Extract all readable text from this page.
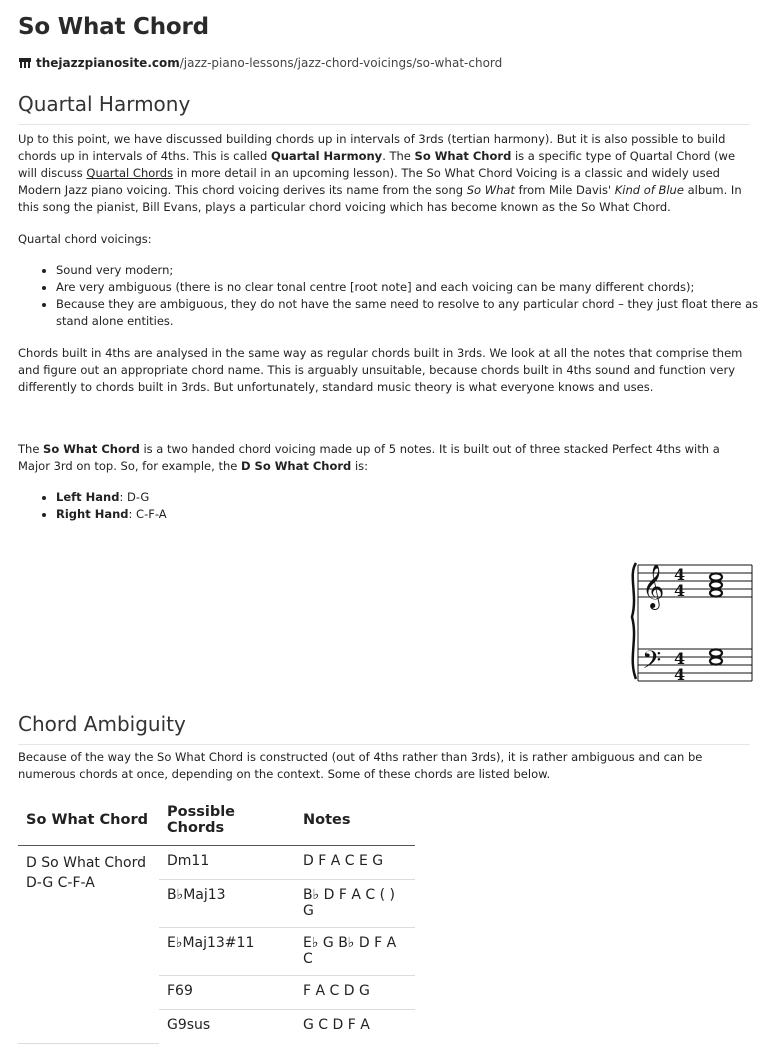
So What Chord
thejazzpianosite.com /jazz-piano-lessons/jazz-chord-voicings/so-what-chord
Quartal Harmony

Up to this point, we have discussed building chords up in intervals of 3rds (tertian harmony). But it is also possible to build chords up in intervals of 4ths. This is called Quartal Harmony. The So What Chord is a specific type of Quartal Chord (we will discuss Quartal Chords in more detail in an upcoming lesson). The So What Chord Voicing is a classic and widely used Modern Jazz piano voicing. This chord voicing derives its name from the song So What from Mile Davis' Kind of Blue album. In this song the pianist, Bill Evans, plays a particular chord voicing which has become known as the So What Chord.

Quartal chord voicings:

• Sound very modern;
• Are very ambiguous (there is no clear tonal centre [root note] and each voicing can be many different chords);
• Because they are ambiguous, they do not have the same need to resolve to any particular chord – they just float there as stand alone entities.

Chords built in 4ths are analysed in the same way as regular chords built in 3rds. We look at all the notes that comprise them and figure out an appropriate chord name. This is arguably unsuitable, because chords built in 4ths sound and function very differently to chords built in 3rds. But unfortunately, standard music theory is what everyone knows and uses.

The So What Chord is a two handed chord voicing made up of 5 notes. It is built out of three stacked Perfect 4ths with a Major 3rd on top. So, for example, the D So What Chord is:

• Left Hand: D-G
• Right Hand: C-F-A
𝄞
𝄢
4
4
4
4
Chord Ambiguity

Because of the way the So What Chord is constructed (out of 4ths rather than 3rds), it is rather ambiguous and can be numerous chords at once, depending on the context. Some of these chords are listed below.

So What Chord	Possible Chords	Notes

D So What Chord
D-G C-F-A	Dm11	D F A C E G
	B♭Maj13	B♭ D F A C ( ) G
	E♭Maj13#11	E♭ G B♭ D F A C
	F69	F A C D G
	G9sus	G C D F A
